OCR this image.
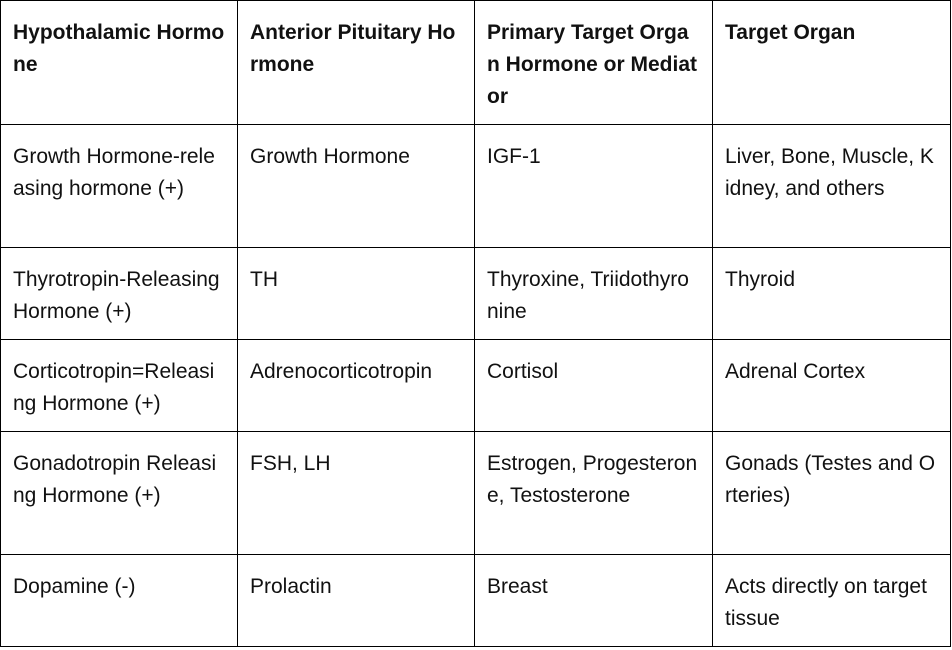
Hypothalamic Hormone	Anterior Pituitary Hormone	Primary Target Organ Hormone or Mediator	Target Organ
Growth Hormone-releasing hormone (+)	Growth Hormone	IGF-1	Liver, Bone, Muscle, Kidney, and others
Thyrotropin-Releasing Hormone (+)	TH	Thyroxine, Triidothyronine	Thyroid
Corticotropin=Releasing Hormone (+)	Adrenocorticotropin	Cortisol	Adrenal Cortex
Gonadotropin Releasing Hormone (+)	FSH, LH	Estrogen, Progesterone, Testosterone	Gonads (Testes and Orteries)
Dopamine (-)	Prolactin	Breast	Acts directly on target tissue
